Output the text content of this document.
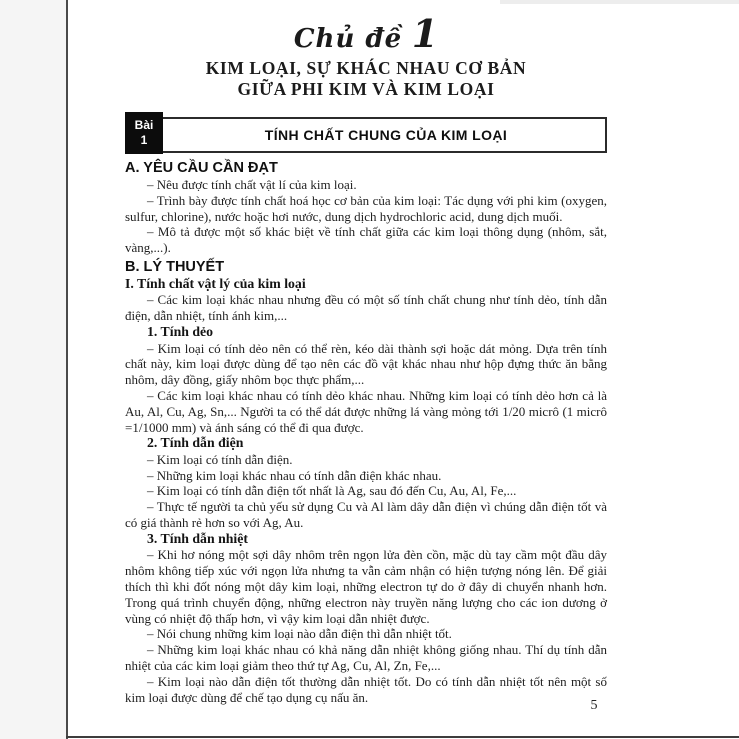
Chủ đề 1
KIM LOẠI, SỰ KHÁC NHAU CƠ BẢN
GIỮA PHI KIM VÀ KIM LOẠI
Bài
1	TÍNH CHẤT CHUNG CỦA KIM LOẠI
A. YÊU CẦU CẦN ĐẠT
– Nêu được tính chất vật lí của kim loại.
– Trình bày được tính chất hoá học cơ bản của kim loại: Tác dụng với phi kim (oxygen, sulfur, chlorine), nước hoặc hơi nước, dung dịch hydrochloric acid, dung dịch muối.
– Mô tả được một số khác biệt về tính chất giữa các kim loại thông dụng (nhôm, sắt, vàng,...).
B. LÝ THUYẾT
I. Tính chất vật lý của kim loại
– Các kim loại khác nhau nhưng đều có một số tính chất chung như tính dẻo, tính dẫn điện, dẫn nhiệt, tính ánh kim,...
1. Tính dẻo
– Kim loại có tính dẻo nên có thể rèn, kéo dài thành sợi hoặc dát mỏng. Dựa trên tính chất này, kim loại được dùng để tạo nên các đồ vật khác nhau như hộp đựng thức ăn bằng nhôm, dây đồng, giấy nhôm bọc thực phẩm,...
– Các kim loại khác nhau có tính dẻo khác nhau. Những kim loại có tính dẻo hơn cả là Au, Al, Cu, Ag, Sn,... Người ta có thể dát được những lá vàng mỏng tới 1/20 micrô (1 micrô =1/1000 mm) và ánh sáng có thể đi qua được.
2. Tính dẫn điện
– Kim loại có tính dẫn điện.
– Những kim loại khác nhau có tính dẫn điện khác nhau.
– Kim loại có tính dẫn điện tốt nhất là Ag, sau đó đến Cu, Au, Al, Fe,...
– Thực tế người ta chủ yếu sử dụng Cu và Al làm dây dẫn điện vì chúng dẫn điện tốt và có giá thành rẻ hơn so với Ag, Au.
3. Tính dẫn nhiệt
– Khi hơ nóng một sợi dây nhôm trên ngọn lửa đèn cồn, mặc dù tay cầm một đầu dây nhôm không tiếp xúc với ngọn lửa nhưng ta vẫn cảm nhận có hiện tượng nóng lên. Để giải thích thì khi đốt nóng một dây kim loại, những electron tự do ở đây di chuyển nhanh hơn. Trong quá trình chuyển động, những electron này truyền năng lượng cho các ion dương ở vùng có nhiệt độ thấp hơn, vì vậy kim loại dẫn nhiệt được.
– Nói chung những kim loại nào dẫn điện thì dẫn nhiệt tốt.
– Những kim loại khác nhau có khả năng dẫn nhiệt không giống nhau. Thí dụ tính dẫn nhiệt của các kim loại giảm theo thứ tự Ag, Cu, Al, Zn, Fe,...
– Kim loại nào dẫn điện tốt thường dẫn nhiệt tốt. Do có tính dẫn nhiệt tốt nên một số kim loại được dùng để chế tạo dụng cụ nấu ăn.
5
